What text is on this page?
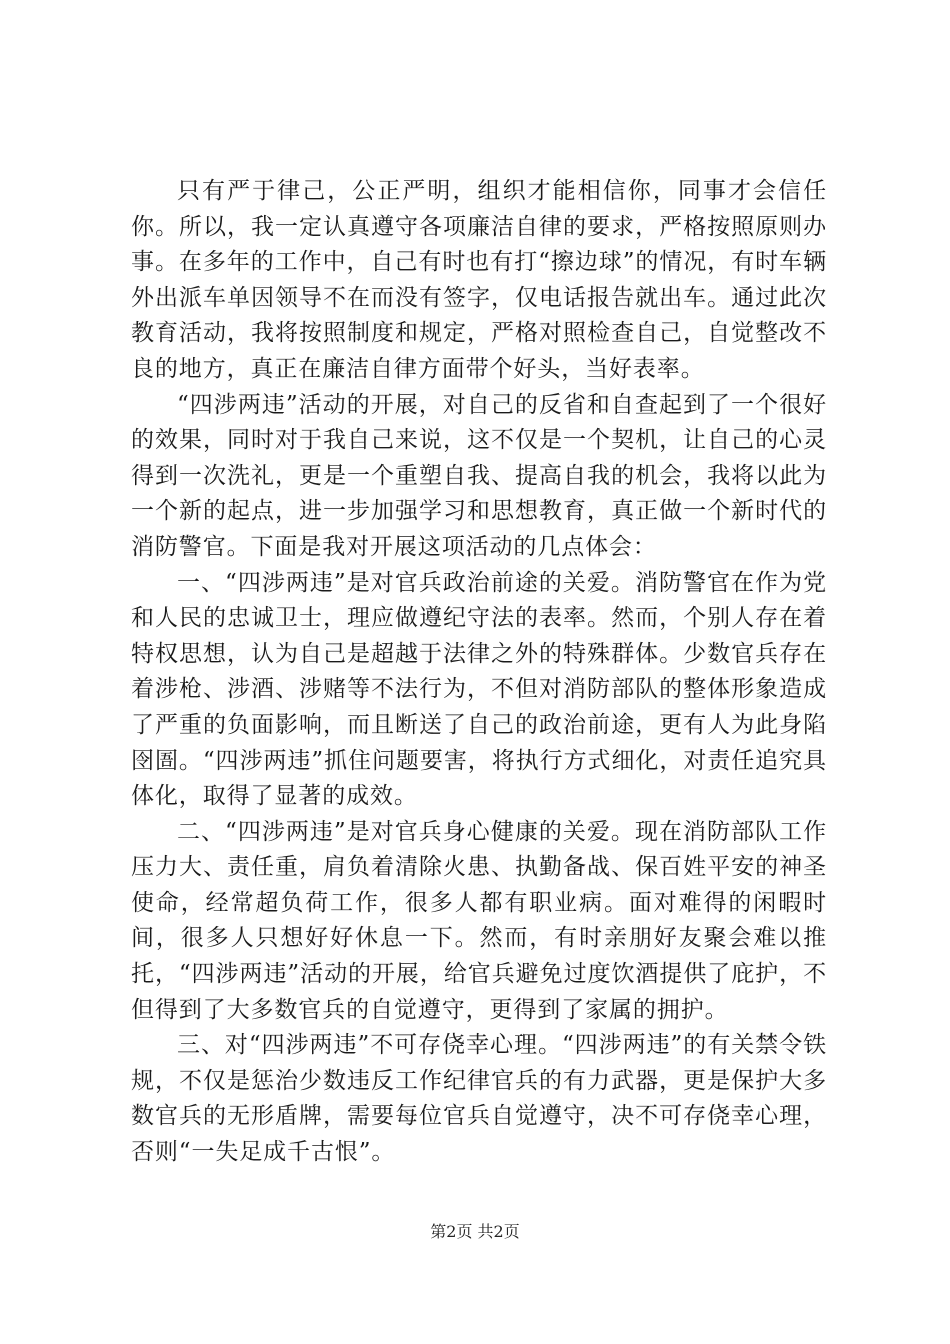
只有严于律己，公正严明，组织才能相信你，同事才会信任你。所以，我一定认真遵守各项廉洁自律的要求，严格按照原则办事。在多年的工作中，自己有时也有打“擦边球”的情况，有时车辆外出派车单因领导不在而没有签字，仅电话报告就出车。通过此次教育活动，我将按照制度和规定，严格对照检查自己，自觉整改不良的地方，真正在廉洁自律方面带个好头，当好表率。

“四涉两违”活动的开展，对自己的反省和自查起到了一个很好的效果，同时对于我自己来说，这不仅是一个契机，让自己的心灵得到一次洗礼，更是一个重塑自我、提高自我的机会，我将以此为一个新的起点，进一步加强学习和思想教育，真正做一个新时代的消防警官。下面是我对开展这项活动的几点体会：

一、“四涉两违”是对官兵政治前途的关爱。消防警官在作为党和人民的忠诚卫士，理应做遵纪守法的表率。然而，个别人存在着特权思想，认为自己是超越于法律之外的特殊群体。少数官兵存在着涉枪、涉酒、涉赌等不法行为，不但对消防部队的整体形象造成了严重的负面影响，而且断送了自己的政治前途，更有人为此身陷囹圄。“四涉两违”抓住问题要害，将执行方式细化，对责任追究具体化，取得了显著的成效。

二、“四涉两违”是对官兵身心健康的关爱。现在消防部队工作压力大、责任重，肩负着清除火患、执勤备战、保百姓平安的神圣使命，经常超负荷工作，很多人都有职业病。面对难得的闲暇时间，很多人只想好好休息一下。然而，有时亲朋好友聚会难以推托，“四涉两违”活动的开展，给官兵避免过度饮酒提供了庇护，不但得到了大多数官兵的自觉遵守，更得到了家属的拥护。

三、对“四涉两违”不可存侥幸心理。“四涉两违”的有关禁令铁规，不仅是惩治少数违反工作纪律官兵的有力武器，更是保护大多数官兵的无形盾牌，需要每位官兵自觉遵守，决不可存侥幸心理，否则“一失足成千古恨”。

第2页 共2页
